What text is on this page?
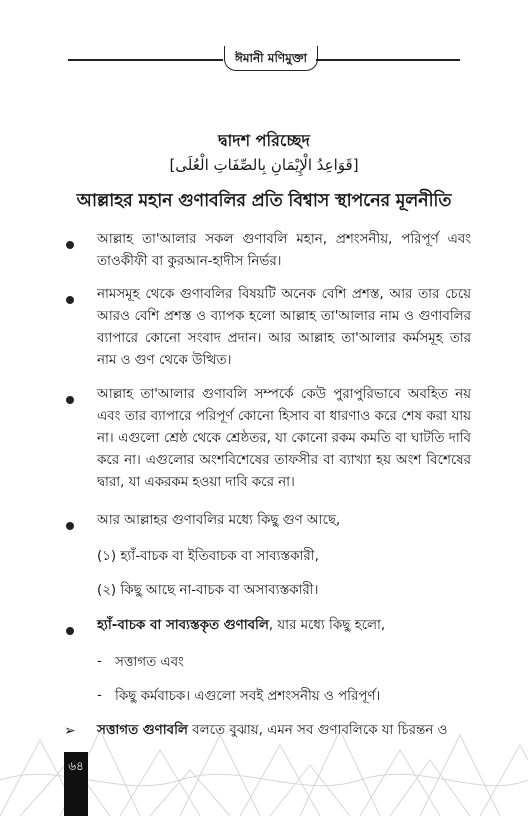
ঈমানী মণিমুক্তা
দ্বাদশ পরিচ্ছেদ
[قَوَاعِدُ الْإِيْمَانِ بِالصِّفَاتِ الْعُلَى]
আল্লাহর মহান গুণাবলির প্রতি বিশ্বাস স্থাপনের মূলনীতি
আল্লাহ তা'আলার সকল গুণাবলি মহান, প্রশংসনীয়, পরিপূর্ণ এবং তাওকীফী বা কুরআন-হাদীস নির্ভর।
নামসমূহ থেকে গুণাবলির বিষয়টি অনেক বেশি প্রশস্ত, আর তার চেয়ে আরও বেশি প্রশস্ত ও ব্যাপক হলো আল্লাহ তা'আলার নাম ও গুণাবলির ব্যাপারে কোনো সংবাদ প্রদান। আর আল্লাহ তা'আলার কর্মসমূহ তার নাম ও গুণ থেকে উত্থিত।
আল্লাহ তা'আলার গুণাবলি সম্পর্কে কেউ পুরাপুরিভাবে অবহিত নয় এবং তার ব্যাপারে পরিপূর্ণ কোনো হিসাব বা ধারণাও করে শেষ করা যায় না। এগুলো শ্রেষ্ঠ থেকে শ্রেষ্ঠতর, যা কোনো রকম কমতি বা ঘাটতি দাবি করে না। এগুলোর অংশবিশেষের তাফসীর বা ব্যাখ্যা হয় অংশ বিশেষের দ্বারা, যা একরকম হওয়া দাবি করে না।
আর আল্লাহর গুণাবলির মধ্যে কিছু গুণ আছে,
(১) হ্যাঁ-বাচক বা ইতিবাচক বা সাব্যস্তকারী,
(২) কিছু আছে না-বাচক বা অসাব্যস্তকারী।
হ্যাঁ-বাচক বা সাব্যস্তকৃত গুণাবলি, যার মধ্যে কিছু হলো,
- সত্তাগত এবং
- কিছু কর্মবাচক। এগুলো সবই প্রশংসনীয় ও পরিপূর্ণ।
➢ সত্তাগত গুণাবলি বলতে বুঝায়, এমন সব গুণাবলিকে যা চিরন্তন ও
৬৪
